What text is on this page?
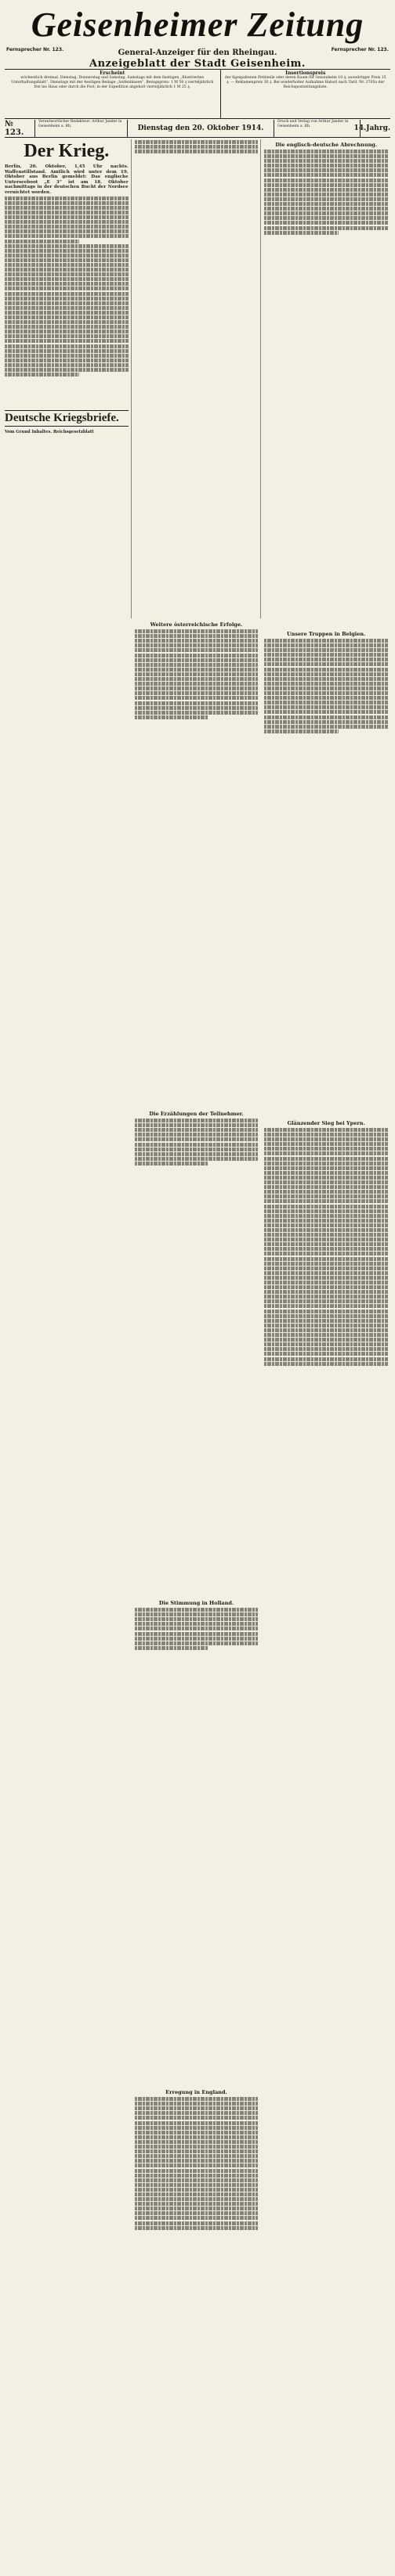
Geisenheimer Zeitung
Fernsprecher Nr. 123.	Fernsprecher Nr. 123.
General-Anzeiger für den Rheingau.
Anzeigeblatt der Stadt Geisenheim.
Erscheint
wöchentlich dreimal, Dienstag, Donnerstag und Samstag. Samstags mit dem 8seitigen „Illustrierten Unterhaltungsblatt“. Dienstags mit der 4seitigen Beilage „Seifenblasen“. Bezugspreis: 1 M 50 ₰ vierteljährlich frei ins Haus oder durch die Post; in der Expedition abgeholt vierteljährlich 1 M 25 ₰.
Insertionspreis
der 6gespaltenen Petitzeile oder deren Raum für Geisenheim 10 ₰; auswärtiger Preis 15 ₰. — Reklamenpreis 30 ₰. Bei wiederholter Aufnahme Rabatt nach Tarif. Nr. 2705a der Reichspostzeitungsliste.
№ 123.
Verantwortlicher Redakteur: Arthur Jander in Geisenheim a. Rh.	Dienstag den 20. Oktober 1914.
Druck und Verlag von Arthur Jander in Geisenheim a. Rh.	14.Jahrg.
Der Krieg.
Berlin, 20. Oktober, 1,45 Uhr nachts. Waffenstillstand. Amtlich wird unter dem 19. Oktober aus Berlin gemeldet: Das englische Unterseeboot „E 3“ ist am 18. Oktober nachmittags in der deutschen Bucht der Nordsee vernichtet worden.
Weitere österreichische Erfolge.
Die Erzählungen der Teilnehmer.
Die Stimmung in Holland.
Erregung in England.
Die englisch-deutsche Abrechnung.
Unsere Truppen in Belgien.
Glänzender Sieg bei Ypern.
Deutsche Kriegsbriefe.
Vom Grund Inhaltes. Reichsgesetzblatt
